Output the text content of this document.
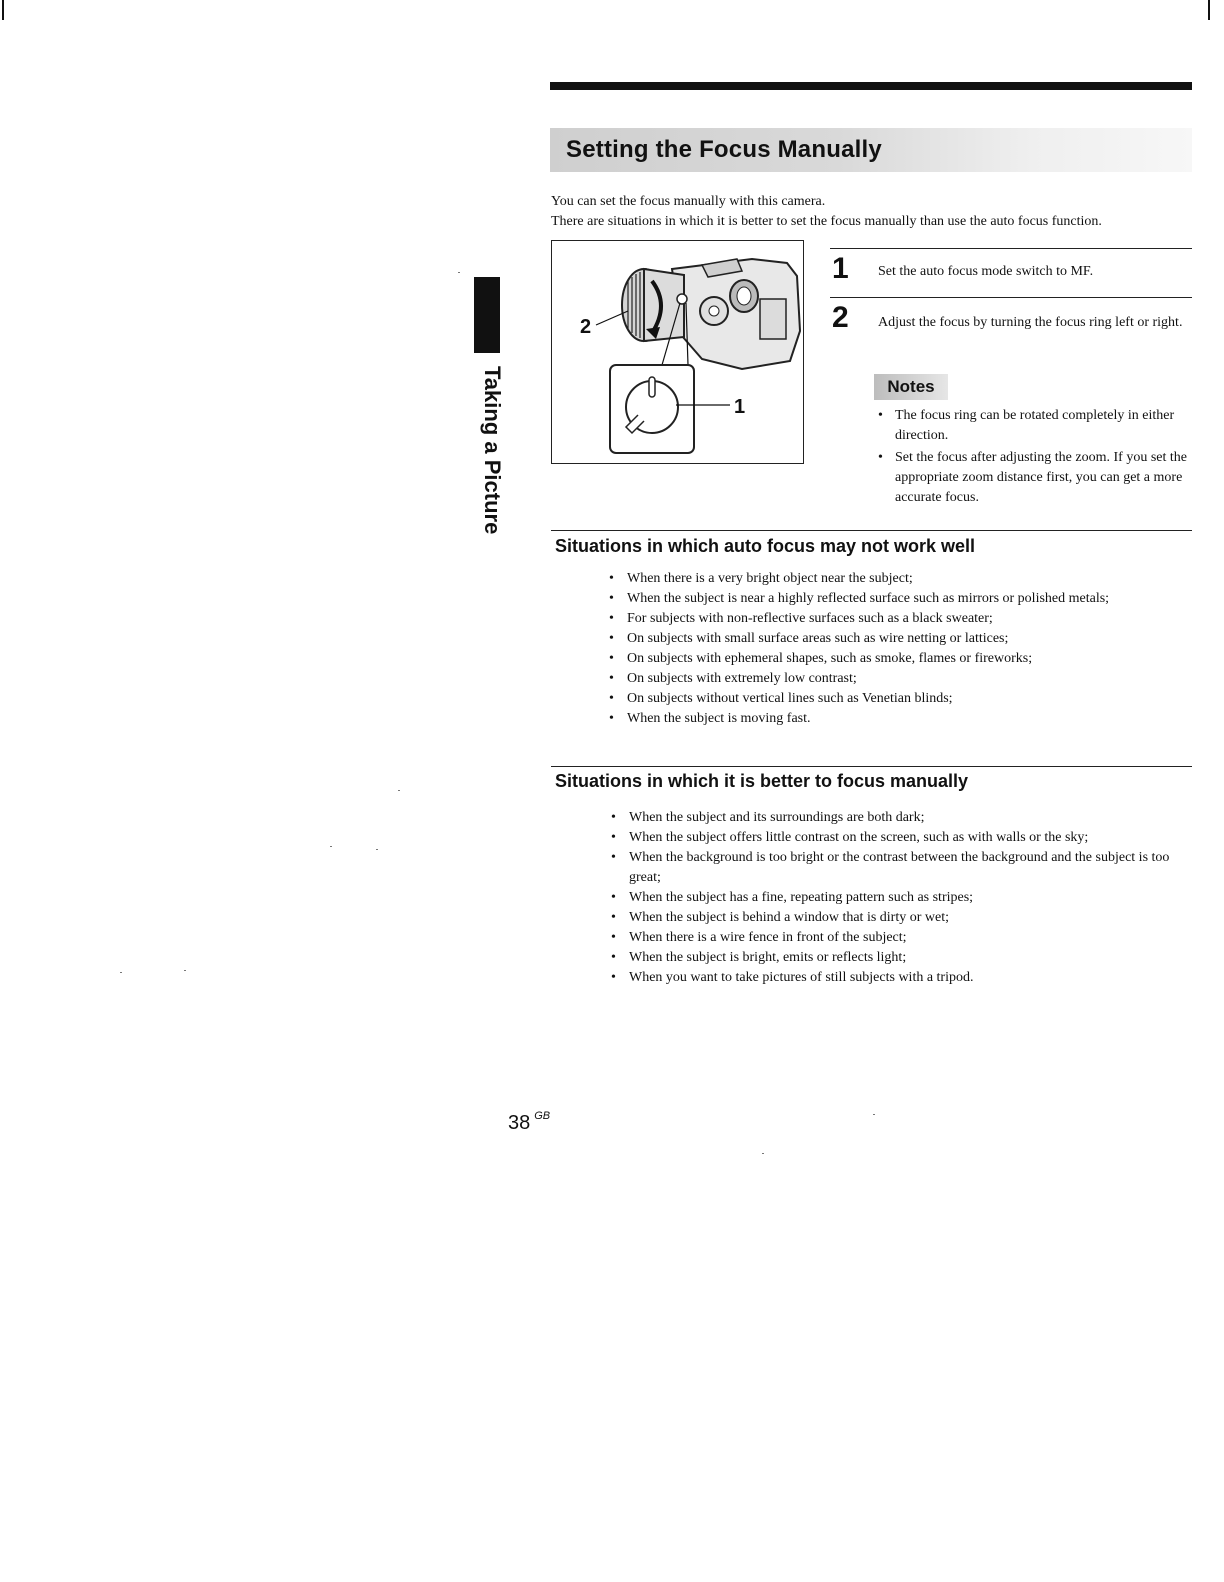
Setting the Focus Manually

You can set the focus manually with this camera.

There are situations in which it is better to set the focus manually than use the auto focus function.

2
1
1 Set the auto focus mode switch to MF.
2 Adjust the focus by turning the focus ring left or right.
Notes
• The focus ring can be rotated completely in either direction.
• Set the focus after adjusting the zoom. If you set the appropriate zoom distance first, you can get a more accurate focus.
Situations in which auto focus may not work well
• When there is a very bright object near the subject;
• When the subject is near a highly reflected surface such as mirrors or polished metals;
• For subjects with non-reflective surfaces such as a black sweater;
• On subjects with small surface areas such as wire netting or lattices;
• On subjects with ephemeral shapes, such as smoke, flames or fireworks;
• On subjects with extremely low contrast;
• On subjects without vertical lines such as Venetian blinds;
• When the subject is moving fast.
Situations in which it is better to focus manually
• When the subject and its surroundings are both dark;
• When the subject offers little contrast on the screen, such as with walls or the sky;
• When the background is too bright or the contrast between the background and the subject is too great;
• When the subject has a fine, repeating pattern such as stripes;
• When the subject is behind a window that is dirty or wet;
• When there is a wire fence in front of the subject;
• When the subject is bright, emits or reflects light;
• When you want to take pictures of still subjects with a tripod.
Taking a Picture
38 $^{GB}$
